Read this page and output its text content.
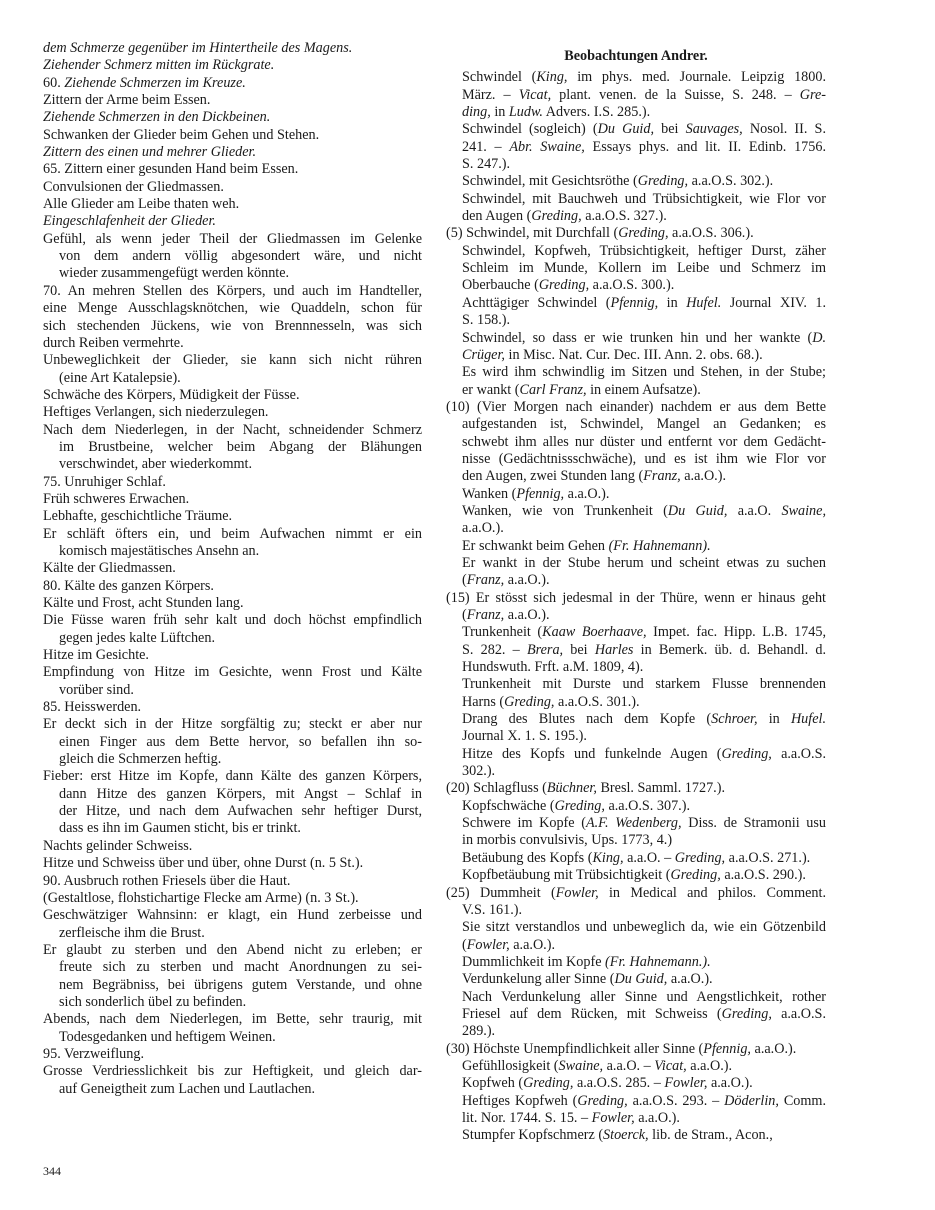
dem Schmerze gegenüber im Hintertheile des Magens.
Ziehender Schmerz mitten im Rückgrate.
60. Ziehende Schmerzen im Kreuze.
Zittern der Arme beim Essen.
Ziehende Schmerzen in den Dickbeinen.
Schwanken der Glieder beim Gehen und Stehen.
Zittern des einen und mehrer Glieder.
65. Zittern einer gesunden Hand beim Essen.
Convulsionen der Gliedmassen.
Alle Glieder am Leibe thaten weh.
Eingeschlafenheit der Glieder.
Gefühl, als wenn jeder Theil der Gliedmassen im Gelenke
von dem andern völlig abgesondert wäre, und nicht
wieder zusammengefügt werden könnte.
70. An mehren Stellen des Körpers, und auch im Handteller,
eine Menge Ausschlagsknötchen, wie Quaddeln, schon für
sich stechenden Jückens, wie von Brennnesseln, was sich
durch Reiben vermehrte.
Unbeweglichkeit der Glieder, sie kann sich nicht rühren
(eine Art Katalepsie).
Schwäche des Körpers, Müdigkeit der Füsse.
Heftiges Verlangen, sich niederzulegen.
Nach dem Niederlegen, in der Nacht, schneidender Schmerz
im Brustbeine, welcher beim Abgang der Blähungen
verschwindet, aber wiederkommt.
75. Unruhiger Schlaf.
Früh schweres Erwachen.
Lebhafte, geschichtliche Träume.
Er schläft öfters ein, und beim Aufwachen nimmt er ein
komisch majestätisches Ansehn an.
Kälte der Gliedmassen.
80. Kälte des ganzen Körpers.
Kälte und Frost, acht Stunden lang.
Die Füsse waren früh sehr kalt und doch höchst empfindlich
gegen jedes kalte Lüftchen.
Hitze im Gesichte.
Empfindung von Hitze im Gesichte, wenn Frost und Kälte
vorüber sind.
85. Heisswerden.
Er deckt sich in der Hitze sorgfältig zu; steckt er aber nur
einen Finger aus dem Bette hervor, so befallen ihn so-
gleich die Schmerzen heftig.
Fieber: erst Hitze im Kopfe, dann Kälte des ganzen Körpers,
dann Hitze des ganzen Körpers, mit Angst – Schlaf in
der Hitze, und nach dem Aufwachen sehr heftiger Durst,
dass es ihn im Gaumen sticht, bis er trinkt.
Nachts gelinder Schweiss.
Hitze und Schweiss über und über, ohne Durst (n. 5 St.).
90. Ausbruch rothen Friesels über die Haut.
(Gestaltlose, flohstichartige Flecke am Arme) (n. 3 St.).
Geschwätziger Wahnsinn: er klagt, ein Hund zerbeisse und
zerfleische ihm die Brust.
Er glaubt zu sterben und den Abend nicht zu erleben; er
freute sich zu sterben und macht Anordnungen zu sei-
nem Begräbniss, bei übrigens gutem Verstande, und ohne
sich sonderlich übel zu befinden.
Abends, nach dem Niederlegen, im Bette, sehr traurig, mit
Todesgedanken und heftigem Weinen.
95. Verzweiflung.
Grosse Verdriesslichkeit bis zur Heftigkeit, und gleich dar-
auf Geneigtheit zum Lachen und Lautlachen.
Beobachtungen Andrer.
Schwindel (King, im phys. med. Journale. Leipzig 1800.
März. – Vicat, plant. venen. de la Suisse, S. 248. – Gre-
ding, in Ludw. Advers. I.S. 285.).
Schwindel (sogleich) (Du Guid, bei Sauvages, Nosol. II. S.
241. – Abr. Swaine, Essays phys. and lit. II. Edinb. 1756.
S. 247.).
Schwindel, mit Gesichtsröthe (Greding, a.a.O.S. 302.).
Schwindel, mit Bauchweh und Trübsichtigkeit, wie Flor vor
den Augen (Greding, a.a.O.S. 327.).
(5) Schwindel, mit Durchfall (Greding, a.a.O.S. 306.).
Schwindel, Kopfweh, Trübsichtigkeit, heftiger Durst, zäher
Schleim im Munde, Kollern im Leibe und Schmerz im
Oberbauche (Greding, a.a.O.S. 300.).
Achttägiger Schwindel (Pfennig, in Hufel. Journal XIV. 1.
S. 158.).
Schwindel, so dass er wie trunken hin und her wankte (D.
Crüger, in Misc. Nat. Cur. Dec. III. Ann. 2. obs. 68.).
Es wird ihm schwindlig im Sitzen und Stehen, in der Stube;
er wankt (Carl Franz, in einem Aufsatze).
(10) (Vier Morgen nach einander) nachdem er aus dem Bette
aufgestanden ist, Schwindel, Mangel an Gedanken; es
schwebt ihm alles nur düster und entfernt vor dem Gedächt-
nisse (Gedächtnissschwäche), und es ist ihm wie Flor vor
den Augen, zwei Stunden lang (Franz, a.a.O.).
Wanken (Pfennig, a.a.O.).
Wanken, wie von Trunkenheit (Du Guid, a.a.O. Swaine,
a.a.O.).
Er schwankt beim Gehen (Fr. Hahnemann).
Er wankt in der Stube herum und scheint etwas zu suchen
(Franz, a.a.O.).
(15) Er stösst sich jedesmal in der Thüre, wenn er hinaus geht
(Franz, a.a.O.).
Trunkenheit (Kaaw Boerhaave, Impet. fac. Hipp. L.B. 1745,
S. 282. – Brera, bei Harles in Bemerk. üb. d. Behandl. d.
Hundswuth. Frft. a.M. 1809, 4).
Trunkenheit mit Durste und starkem Flusse brennenden
Harns (Greding, a.a.O.S. 301.).
Drang des Blutes nach dem Kopfe (Schroer, in Hufel.
Journal X. 1. S. 195.).
Hitze des Kopfs und funkelnde Augen (Greding, a.a.O.S.
302.).
(20) Schlagfluss (Büchner, Bresl. Samml. 1727.).
Kopfschwäche (Greding, a.a.O.S. 307.).
Schwere im Kopfe (A.F. Wedenberg, Diss. de Stramonii usu
in morbis convulsivis, Ups. 1773, 4.)
Betäubung des Kopfs (King, a.a.O. – Greding, a.a.O.S. 271.).
Kopfbetäubung mit Trübsichtigkeit (Greding, a.a.O.S. 290.).
(25) Dummheit (Fowler, in Medical and philos. Comment.
V.S. 161.).
Sie sitzt verstandlos und unbeweglich da, wie ein Götzenbild
(Fowler, a.a.O.).
Dummlichkeit im Kopfe (Fr. Hahnemann.).
Verdunkelung aller Sinne (Du Guid, a.a.O.).
Nach Verdunkelung aller Sinne und Aengstlichkeit, rother
Friesel auf dem Rücken, mit Schweiss (Greding, a.a.O.S.
289.).
(30) Höchste Unempfindlichkeit aller Sinne (Pfennig, a.a.O.).
Gefühllosigkeit (Swaine, a.a.O. – Vicat, a.a.O.).
Kopfweh (Greding, a.a.O.S. 285. – Fowler, a.a.O.).
Heftiges Kopfweh (Greding, a.a.O.S. 293. – Döderlin, Comm.
lit. Nor. 1744. S. 15. – Fowler, a.a.O.).
Stumpfer Kopfschmerz (Stoerck, lib. de Stram., Acon.,
344
